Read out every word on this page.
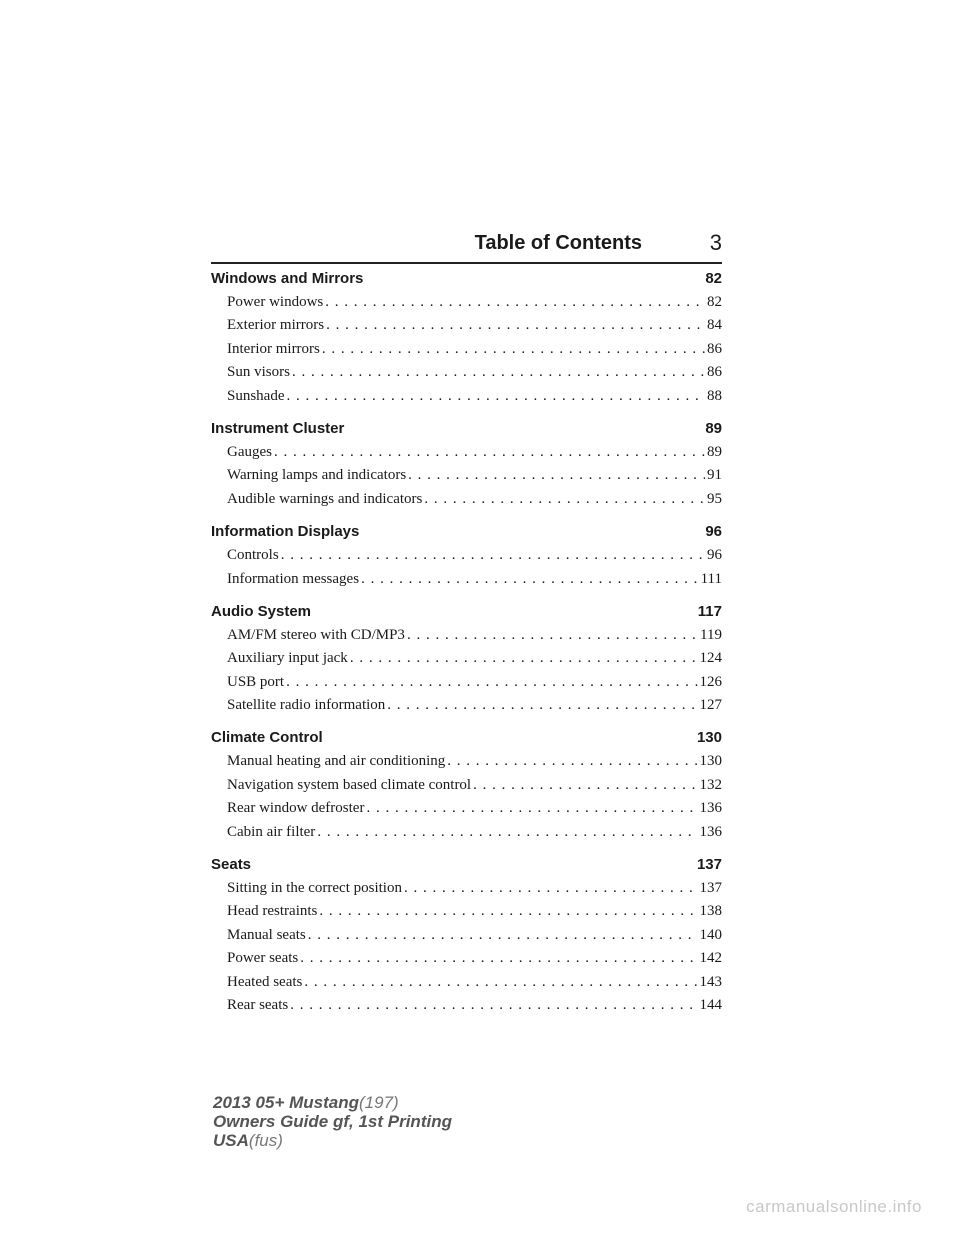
Table of Contents	3
Windows and Mirrors	82
Power windows . . .	82
Exterior mirrors . . .	84
Interior mirrors . . .	86
Sun visors . . .	86
Sunshade . . .	88
Instrument Cluster	89
Gauges . . .	89
Warning lamps and indicators . . .	91
Audible warnings and indicators . . .	95
Information Displays	96
Controls . . .	96
Information messages . . .	111
Audio System	117
AM/FM stereo with CD/MP3 . . .	119
Auxiliary input jack . . .	124
USB port . . .	126
Satellite radio information . . .	127
Climate Control	130
Manual heating and air conditioning . . .	130
Navigation system based climate control . . .	132
Rear window defroster . . .	136
Cabin air filter . . .	136
Seats	137
Sitting in the correct position . . .	137
Head restraints . . .	138
Manual seats . . .	140
Power seats . . .	142
Heated seats . . .	143
Rear seats . . .	144
2013 05+ Mustang(197)
Owners Guide gf, 1st Printing
USA(fus)
carmanualsonline.info
